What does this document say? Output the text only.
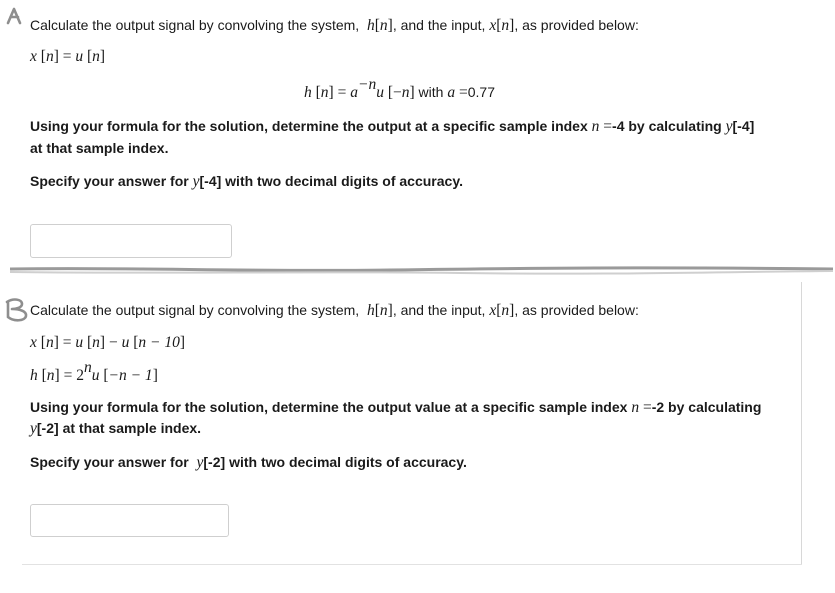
Calculate the output signal by convolving the system, h[n], and the input, x[n], as provided below:
x [n] = u [n]
h $[n] = a^{-n}u$ [−n] with a =0.77
Using your formula for the solution, determine the output at a specific sample index n =-4 by calculating y[-4]
at that sample index.
Specify your answer for y[-4] with two decimal digits of accuracy.
Calculate the output signal by convolving the system, h[n], and the input, x[n], as provided below:
x [n] = u [n] − u [n − 10]
h $[n] = 2^nu$ [−n − 1]
Using your formula for the solution, determine the output value at a specific sample index n =-2 by calculating
y[-2] at that sample index.
Specify your answer for y[-2] with two decimal digits of accuracy.
